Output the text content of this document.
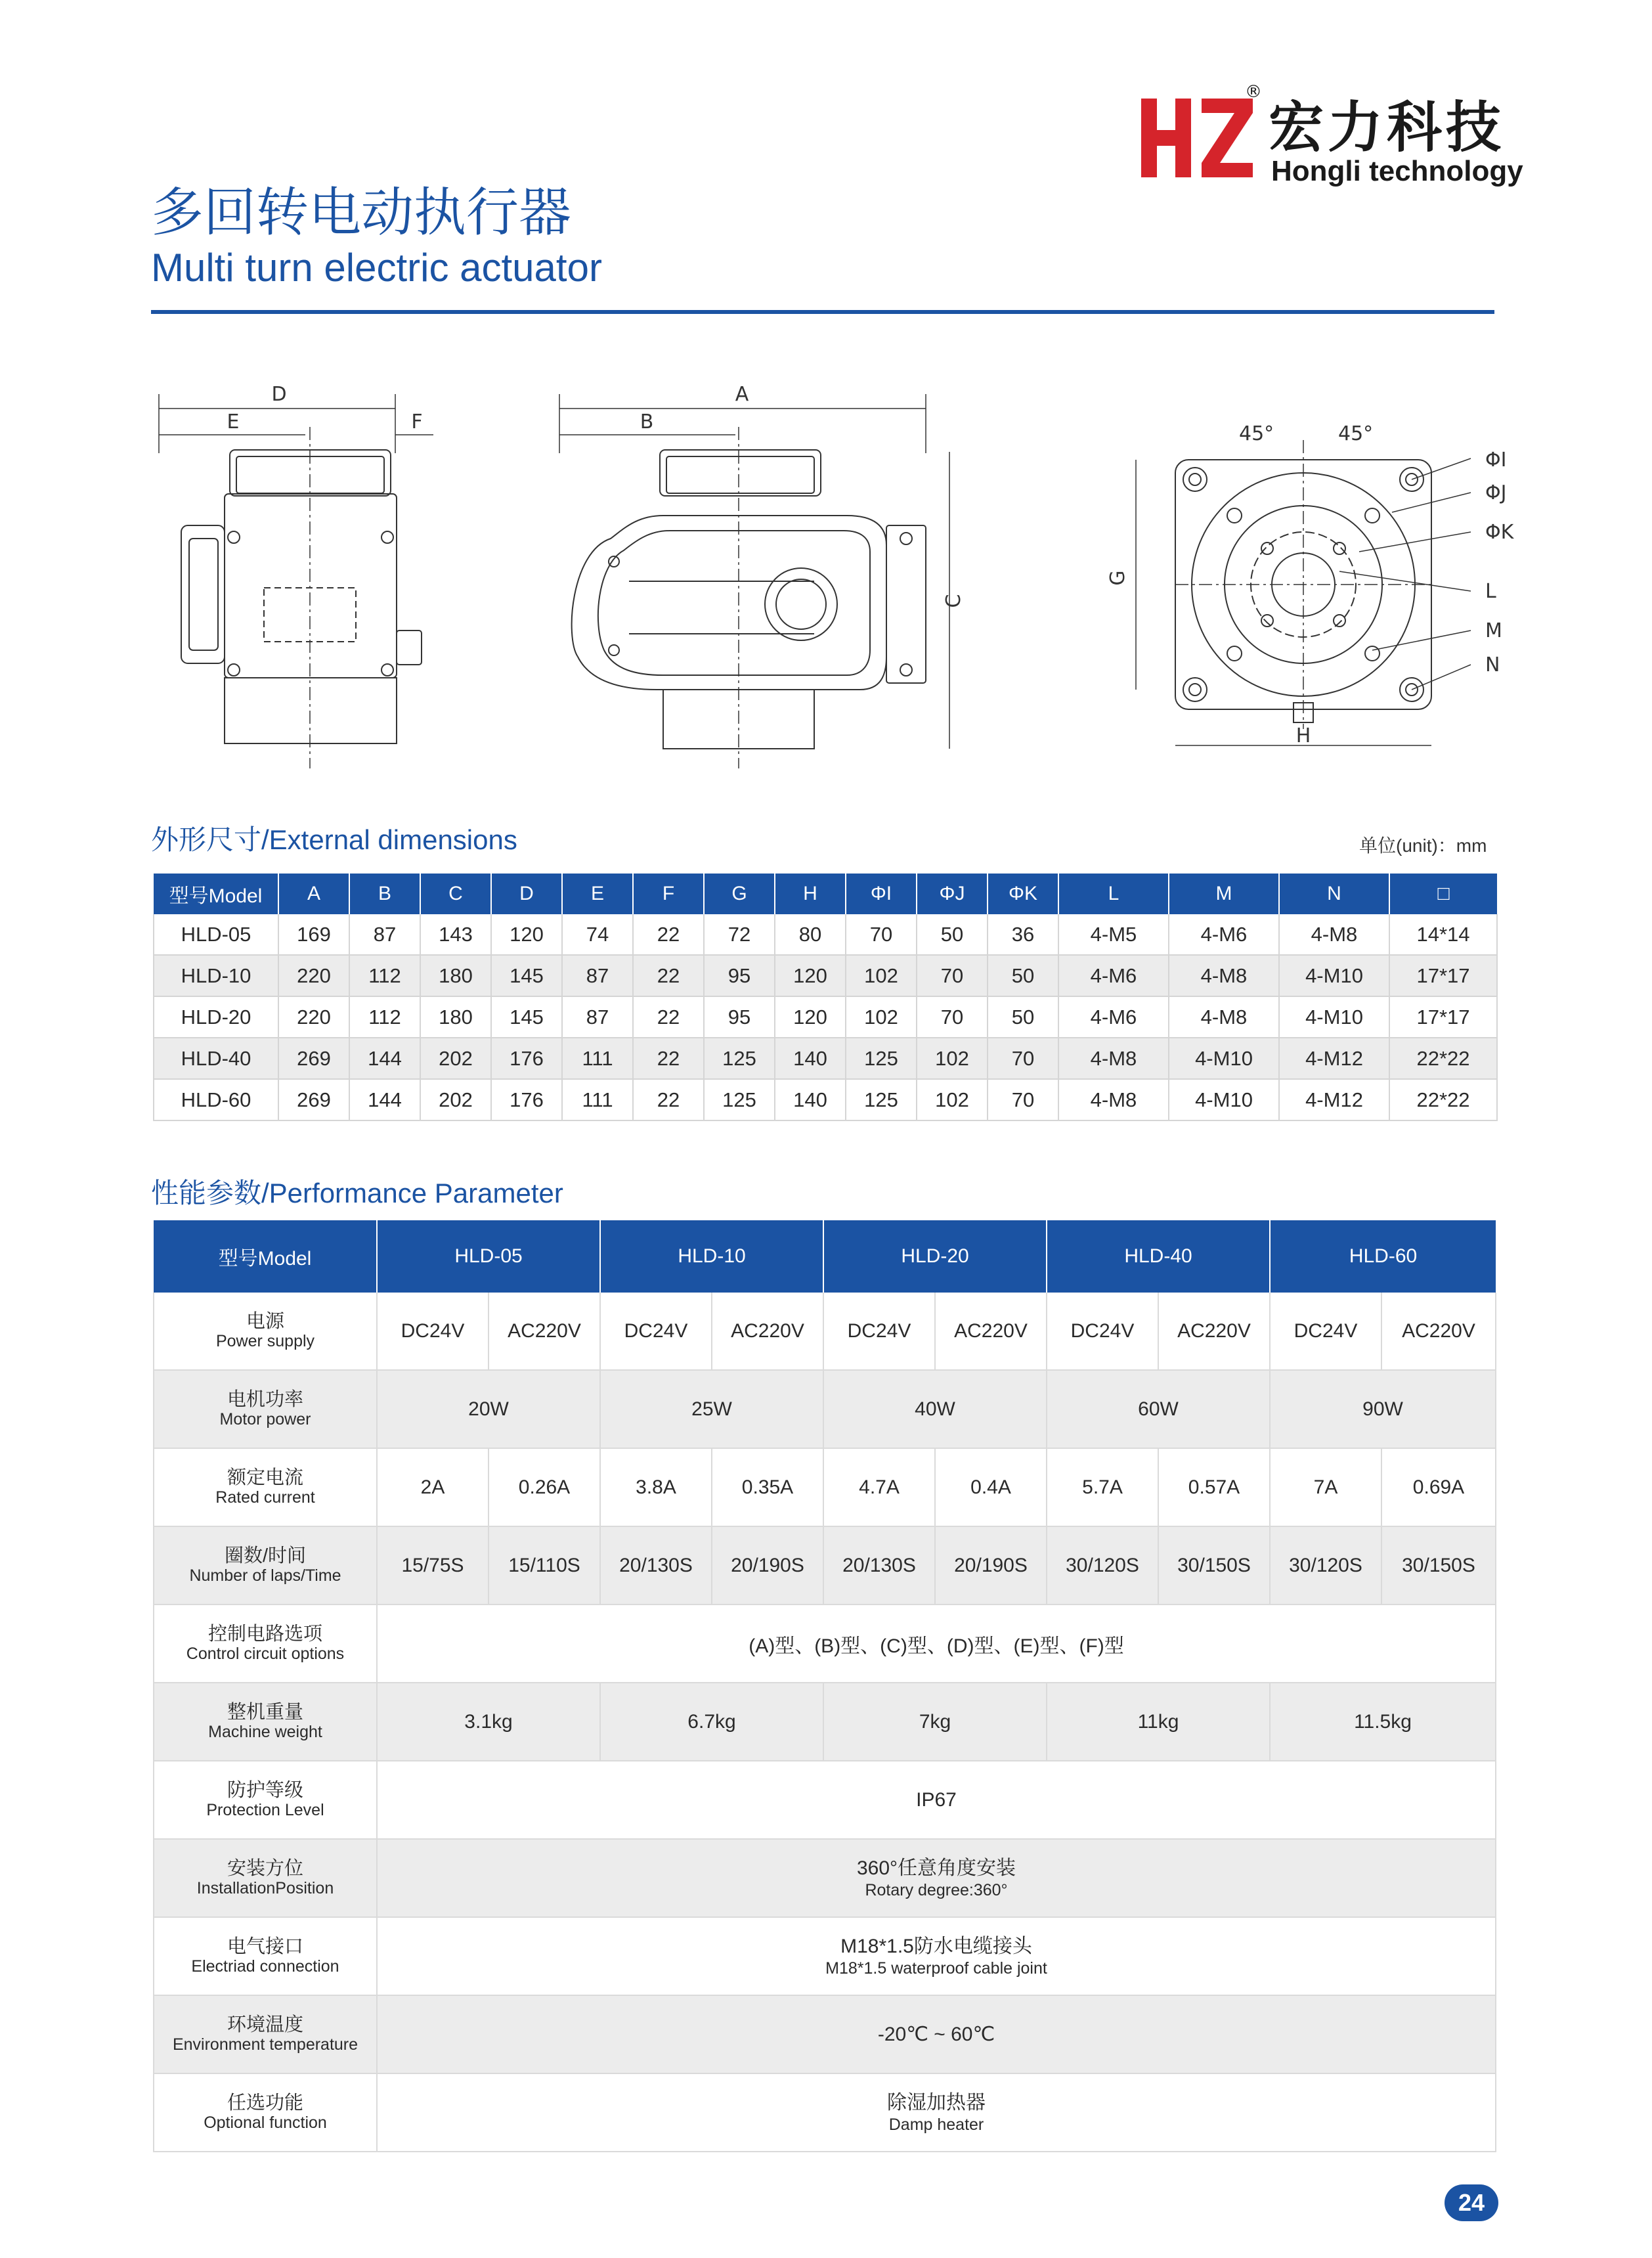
®
宏力科技
Hongli technology
多回转电动执行器
Multi turn electric actuator
D
E	F
A
B
C
45°	45°
ΦI
ΦJ
ΦK
L
M
N
G
H
外形尺寸/External dimensions	单位(unit)：mm
型号Model	A	B	C	D	E	F	G	H	ΦI	ΦJ	ΦK	L	M	N	□
HLD-05	169	87	143	120	74	22	72	80	70	50	36	4-M5	4-M6	4-M8	14*14
HLD-10	220	112	180	145	87	22	95	120	102	70	50	4-M6	4-M8	4-M10	17*17
HLD-20	220	112	180	145	87	22	95	120	102	70	50	4-M6	4-M8	4-M10	17*17
HLD-40	269	144	202	176	111	22	125	140	125	102	70	4-M8	4-M10	4-M12	22*22
HLD-60	269	144	202	176	111	22	125	140	125	102	70	4-M8	4-M10	4-M12	22*22
性能参数/Performance Parameter
型号Model	HLD-05		HLD-10		HLD-20		HLD-40		HLD-60	

电源
Power supply	DC24V	AC220V	DC24V	AC220V	DC24V	AC220V	DC24V	AC220V	DC24V	AC220V

电机功率
Motor power	20W		25W		40W		60W		90W	

额定电流
Rated current	2A	0.26A	3.8A	0.35A	4.7A	0.4A	5.7A	0.57A	7A	0.69A

圈数/时间
Number of laps/Time	15/75S	15/110S	20/130S	20/190S	20/130S	20/190S	30/120S	30/150S	30/120S	30/150S

控制电路选项
Control circuit options	(A)型、(B)型、(C)型、(D)型、(E)型、(F)型									

整机重量
Machine weight	3.1kg		6.7kg		7kg		11kg		11.5kg	

防护等级
Protection Level	IP67									

安装方位
InstallationPosition	360°任意角度安装
Rotary degree:360°									

电气接口
Electriad connection	M18*1.5防水电缆接头
M18*1.5 waterproof cable joint									

环境温度
Environment temperature	-20℃ ~ 60℃									

任选功能
Optional function	除湿加热器
Damp heater									
24
